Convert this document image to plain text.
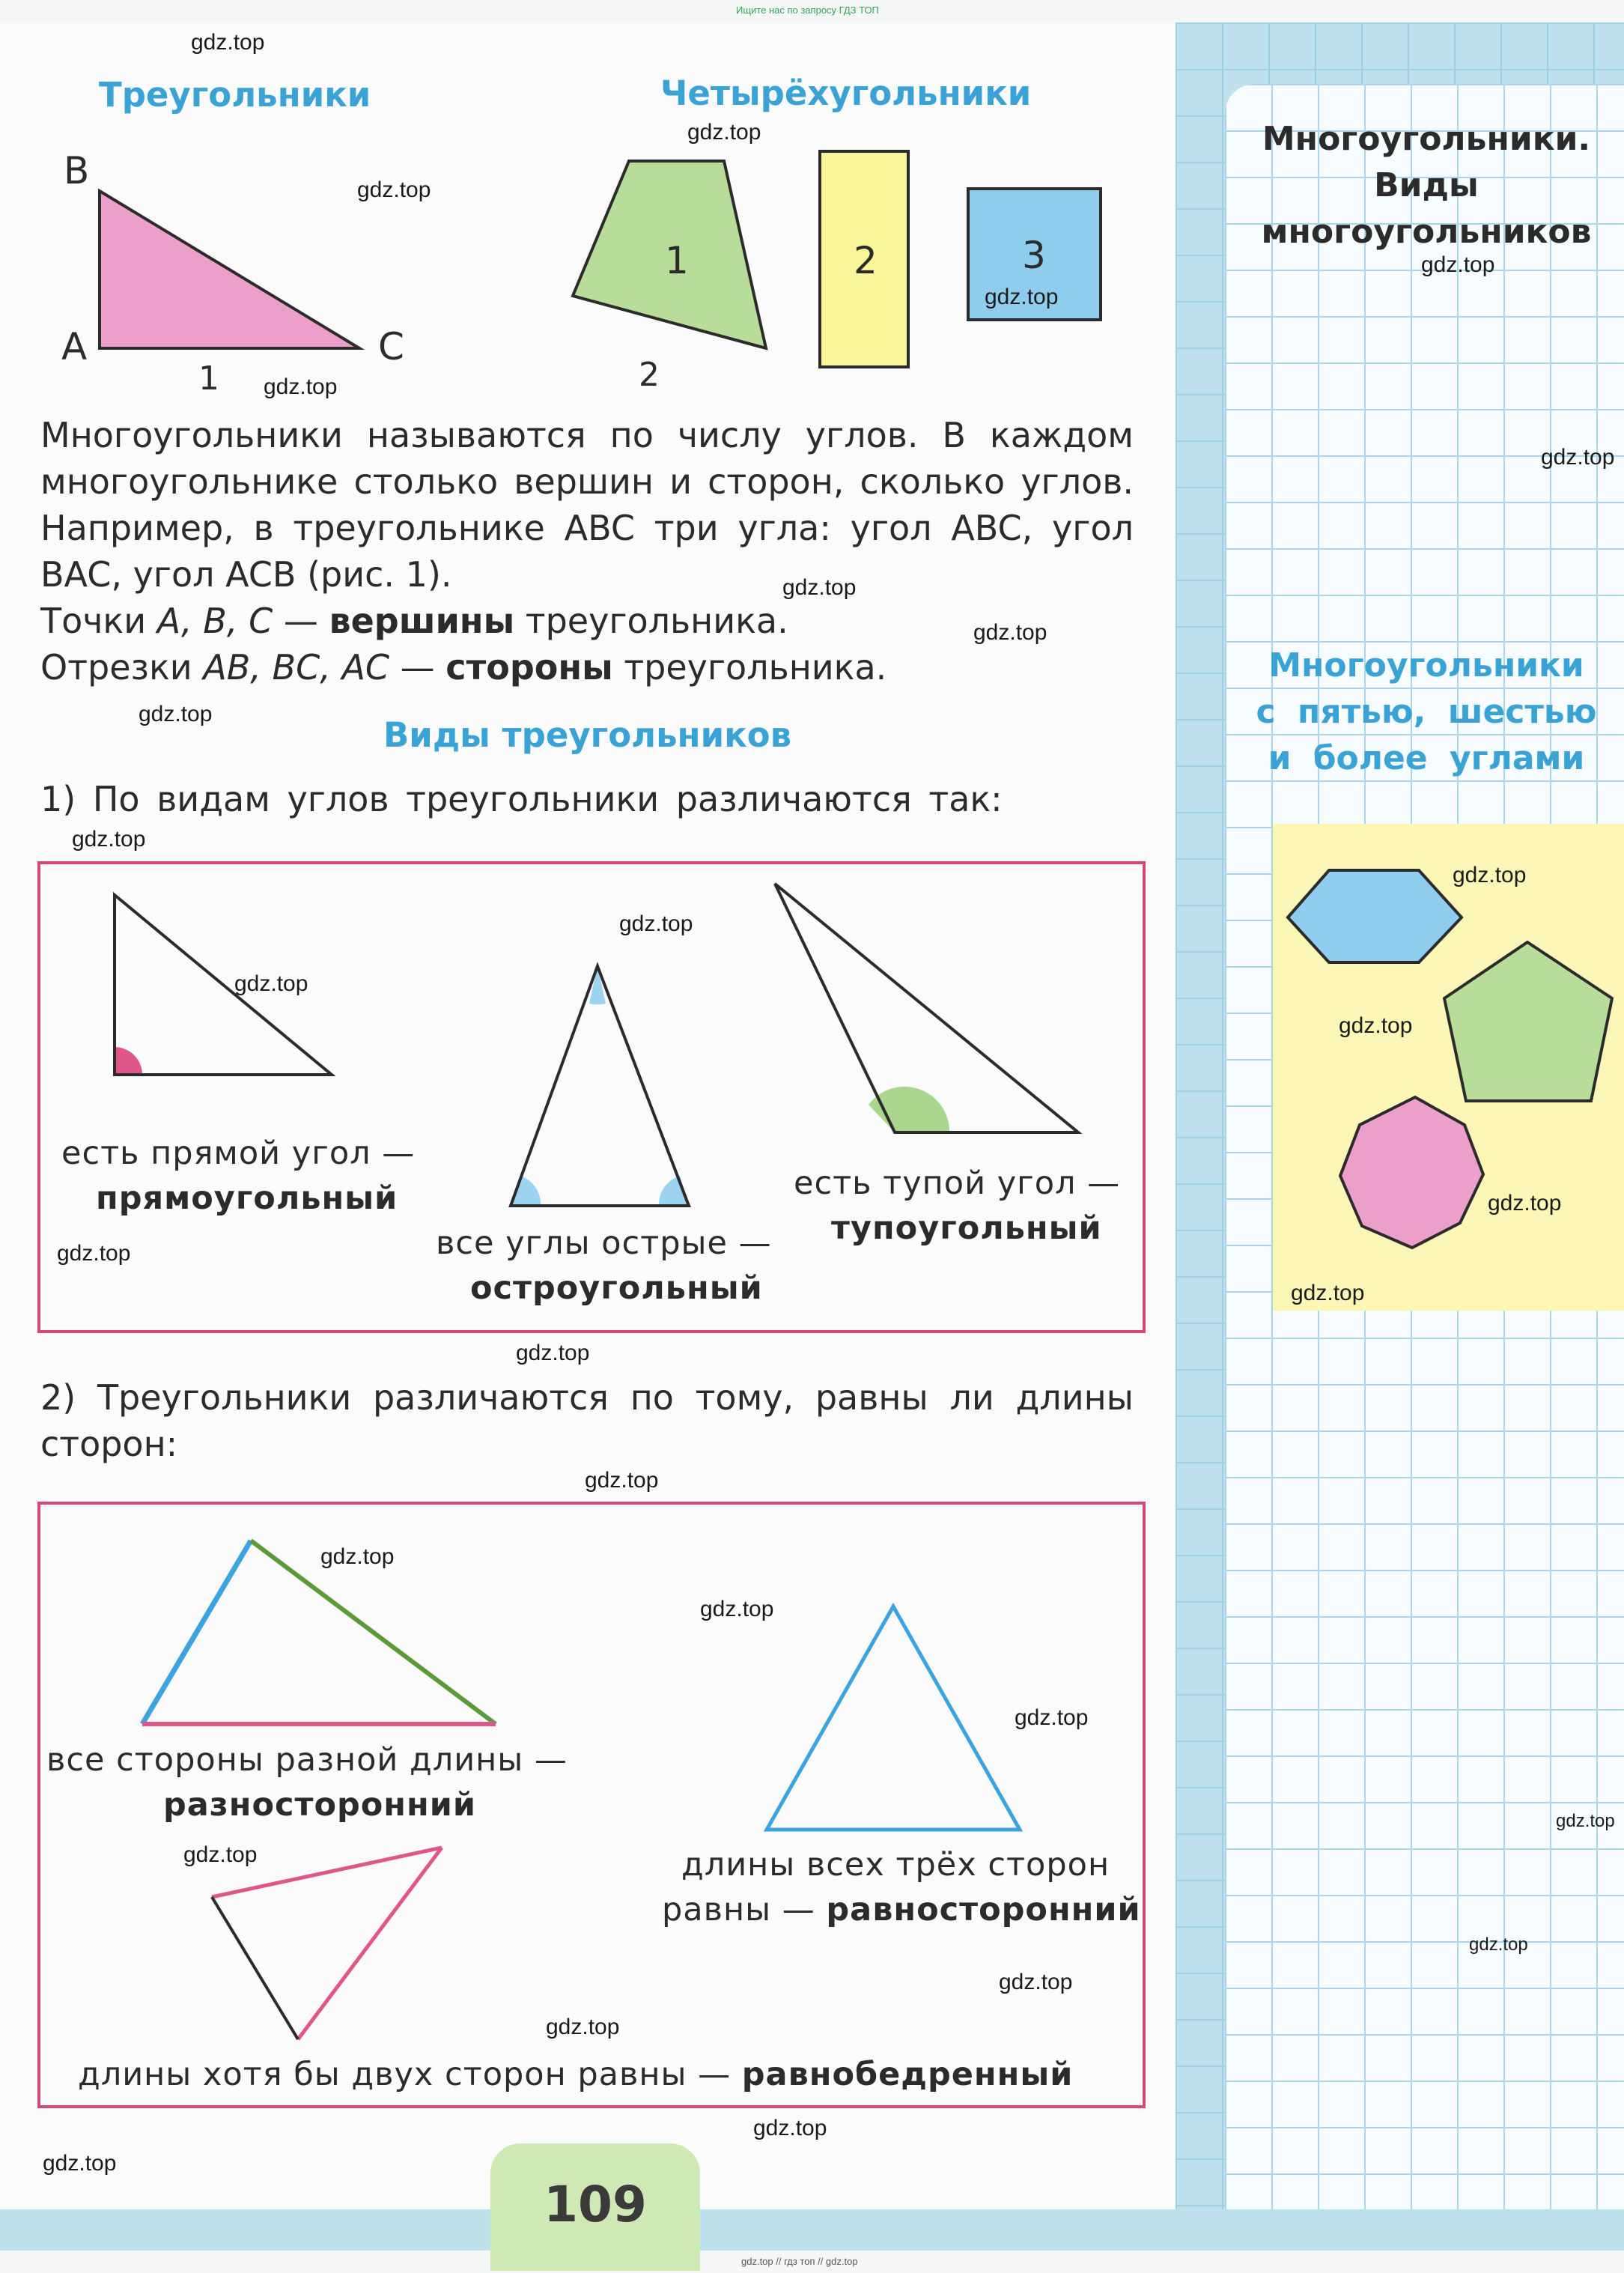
Ищите нас по запросу ГДЗ ТОП
Треугольники	Четырёхугольники
B
A	C
1
1	2	3
2
Многоугольники называются по числу углов. В каждом
многоугольнике столько вершин и сторон, сколько углов.
Например, в треугольнике ABC три угла: угол ABC, угол
BAC, угол ACB (рис. 1).
Точки A, B, C — вершины треугольника.
Отрезки AB, BC, AC — стороны треугольника.
Виды треугольников
1) По видам углов треугольники различаются так:
есть прямой угол —
прямоугольный
все углы острые —
остроугольный
есть тупой угол —
тупоугольный
2) Треугольники различаются по тому, равны ли длины
сторон:
все стороны разной длины —
разносторонний
длины всех трёх сторон
равны — равносторонний
длины хотя бы двух сторон равны — равнобедренный
Многоугольники.
Виды
многоугольников
Многоугольники
с пятью, шестью
и более углами
109
gdz.top // гдз топ // gdz.top
gdz.top
gdz.top
gdz.top
gdz.top
gdz.top
gdz.top
gdz.top
gdz.top
gdz.top
gdz.top
gdz.top
gdz.top
gdz.top
gdz.top
gdz.top
gdz.top
gdz.top
gdz.top
gdz.top
gdz.top
gdz.top
gdz.top
gdz.top
gdz.top
gdz.top
gdz.top
gdz.top
gdz.top
gdz.top
gdz.top
